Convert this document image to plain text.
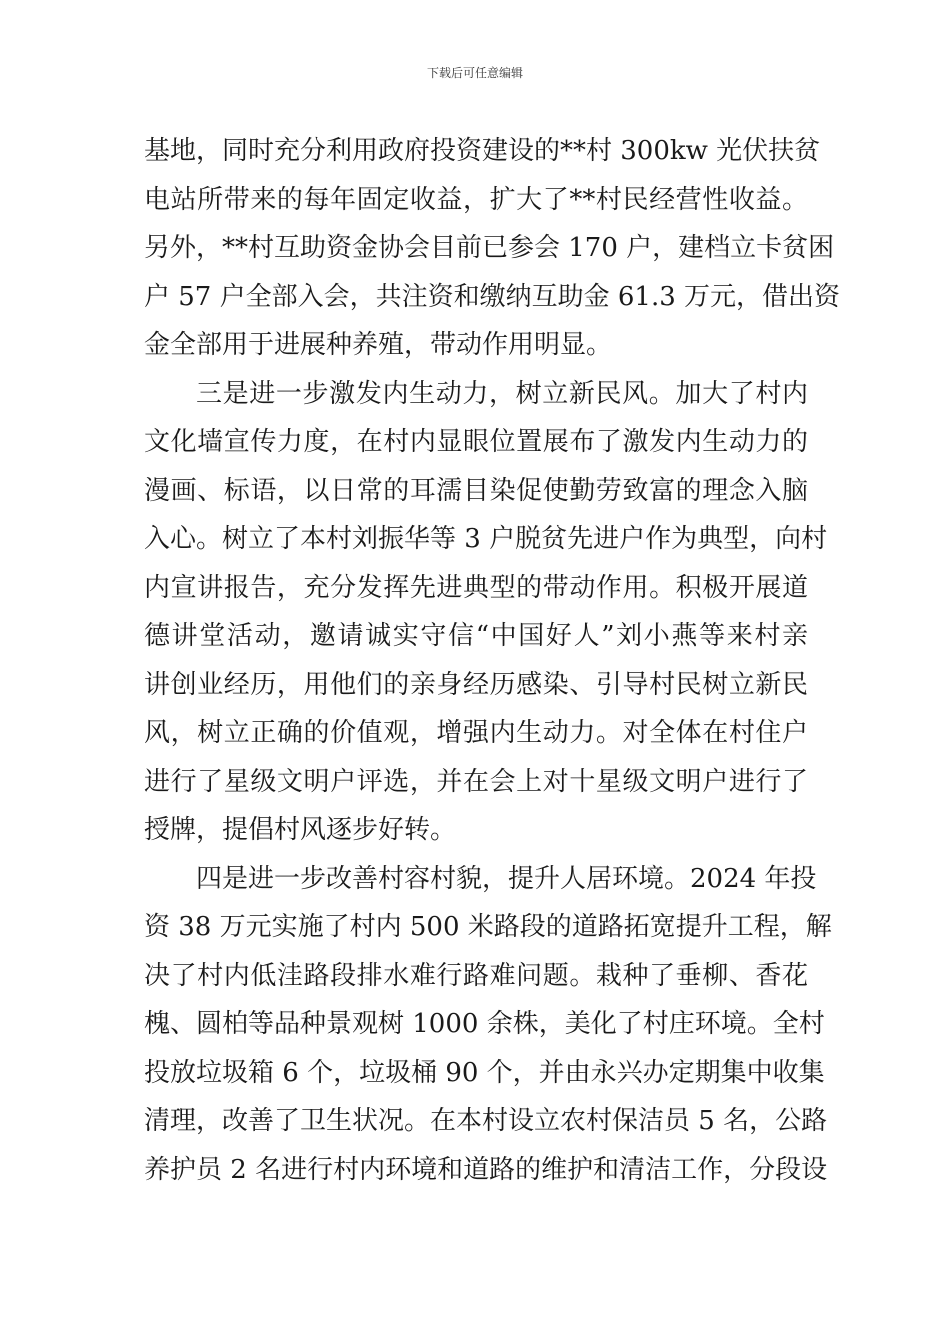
下载后可任意编辑
基地，同时充分利用政府投资建设的**村 300kw 光伏扶贫
电站所带来的每年固定收益，扩大了**村民经营性收益。
另外，**村互助资金协会目前已参会 170 户，建档立卡贫困
户 57 户全部入会，共注资和缴纳互助金 61.3 万元，借出资
金全部用于进展种养殖，带动作用明显。
三是进一步激发内生动力，树立新民风。加大了村内
文化墙宣传力度，在村内显眼位置展布了激发内生动力的
漫画、标语，以日常的耳濡目染促使勤劳致富的理念入脑
入心。树立了本村刘振华等 3 户脱贫先进户作为典型，向村
内宣讲报告，充分发挥先进典型的带动作用。积极开展道
德讲堂活动，邀请诚实守信“中国好人”刘小燕等来村亲
讲创业经历，用他们的亲身经历感染、引导村民树立新民
风，树立正确的价值观，增强内生动力。对全体在村住户
进行了星级文明户评选，并在会上对十星级文明户进行了
授牌，提倡村风逐步好转。
四是进一步改善村容村貌，提升人居环境。2024 年投
资 38 万元实施了村内 500 米路段的道路拓宽提升工程，解
决了村内低洼路段排水难行路难问题。栽种了垂柳、香花
槐、圆柏等品种景观树 1000 余株，美化了村庄环境。全村
投放垃圾箱 6 个，垃圾桶 90 个，并由永兴办定期集中收集
清理，改善了卫生状况。在本村设立农村保洁员 5 名，公路
养护员 2 名进行村内环境和道路的维护和清洁工作，分段设
